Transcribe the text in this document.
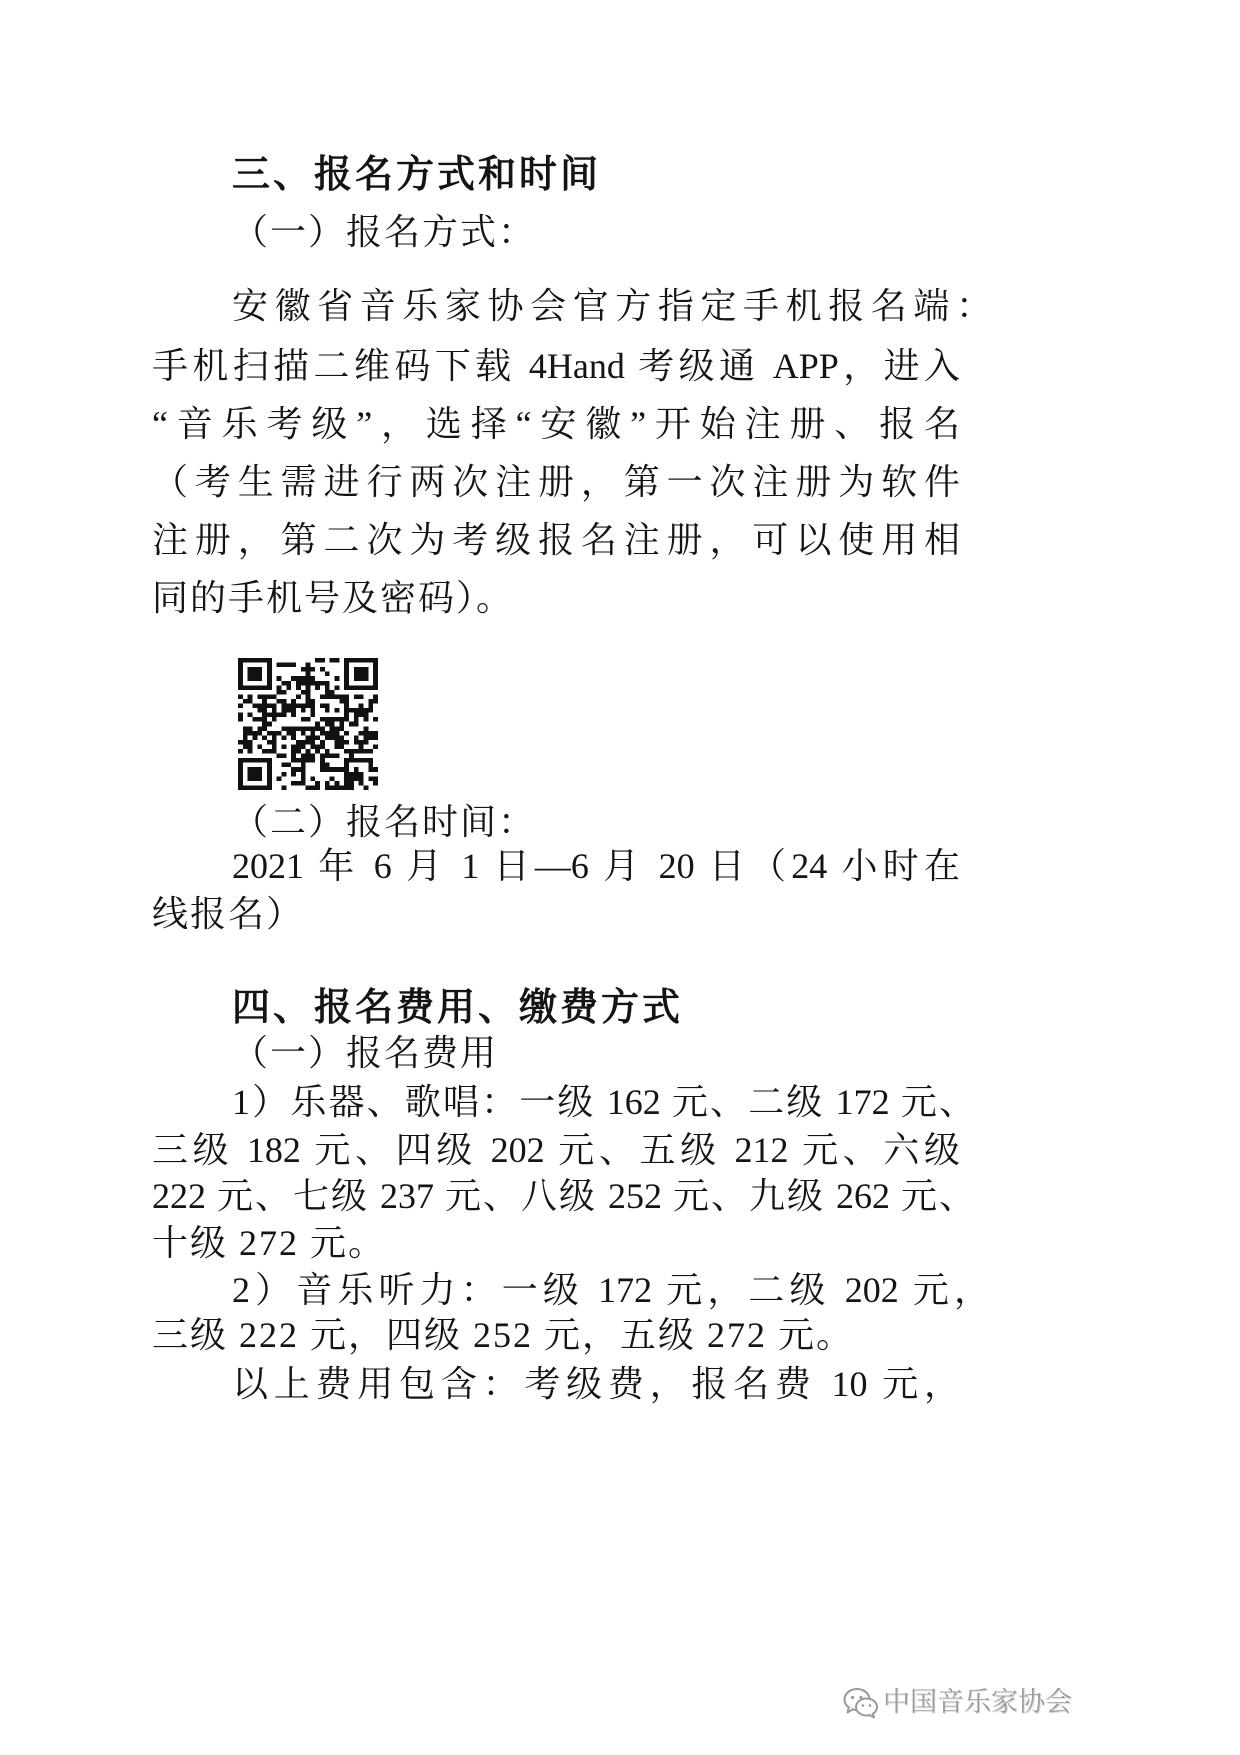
三、报名方式和时间
（一）报名方式：
安徽省音乐家协会官方指定手机报名端：
手机扫描二维码下载 4Hand 考级通 APP，进入
“音乐考级”，选择“安徽”开始注册、报名
（考生需进行两次注册，第一次注册为软件
注册，第二次为考级报名注册，可以使用相
同的手机号及密码）。
（二）报名时间：
2021 年 6 月 1 日—6 月 20 日（24 小时在
线报名）
四、报名费用、缴费方式
（一）报名费用
1）乐器、歌唱：一级 162 元、二级 172 元、
三级 182 元、四级 202 元、五级 212 元、六级
222 元、七级 237 元、八级 252 元、九级 262 元、
十级 272 元。
2）音乐听力：一级 172 元，二级 202 元，
三级 222 元，四级 252 元，五级 272 元。
以上费用包含：考级费，报名费 10 元，
中国音乐家协会
